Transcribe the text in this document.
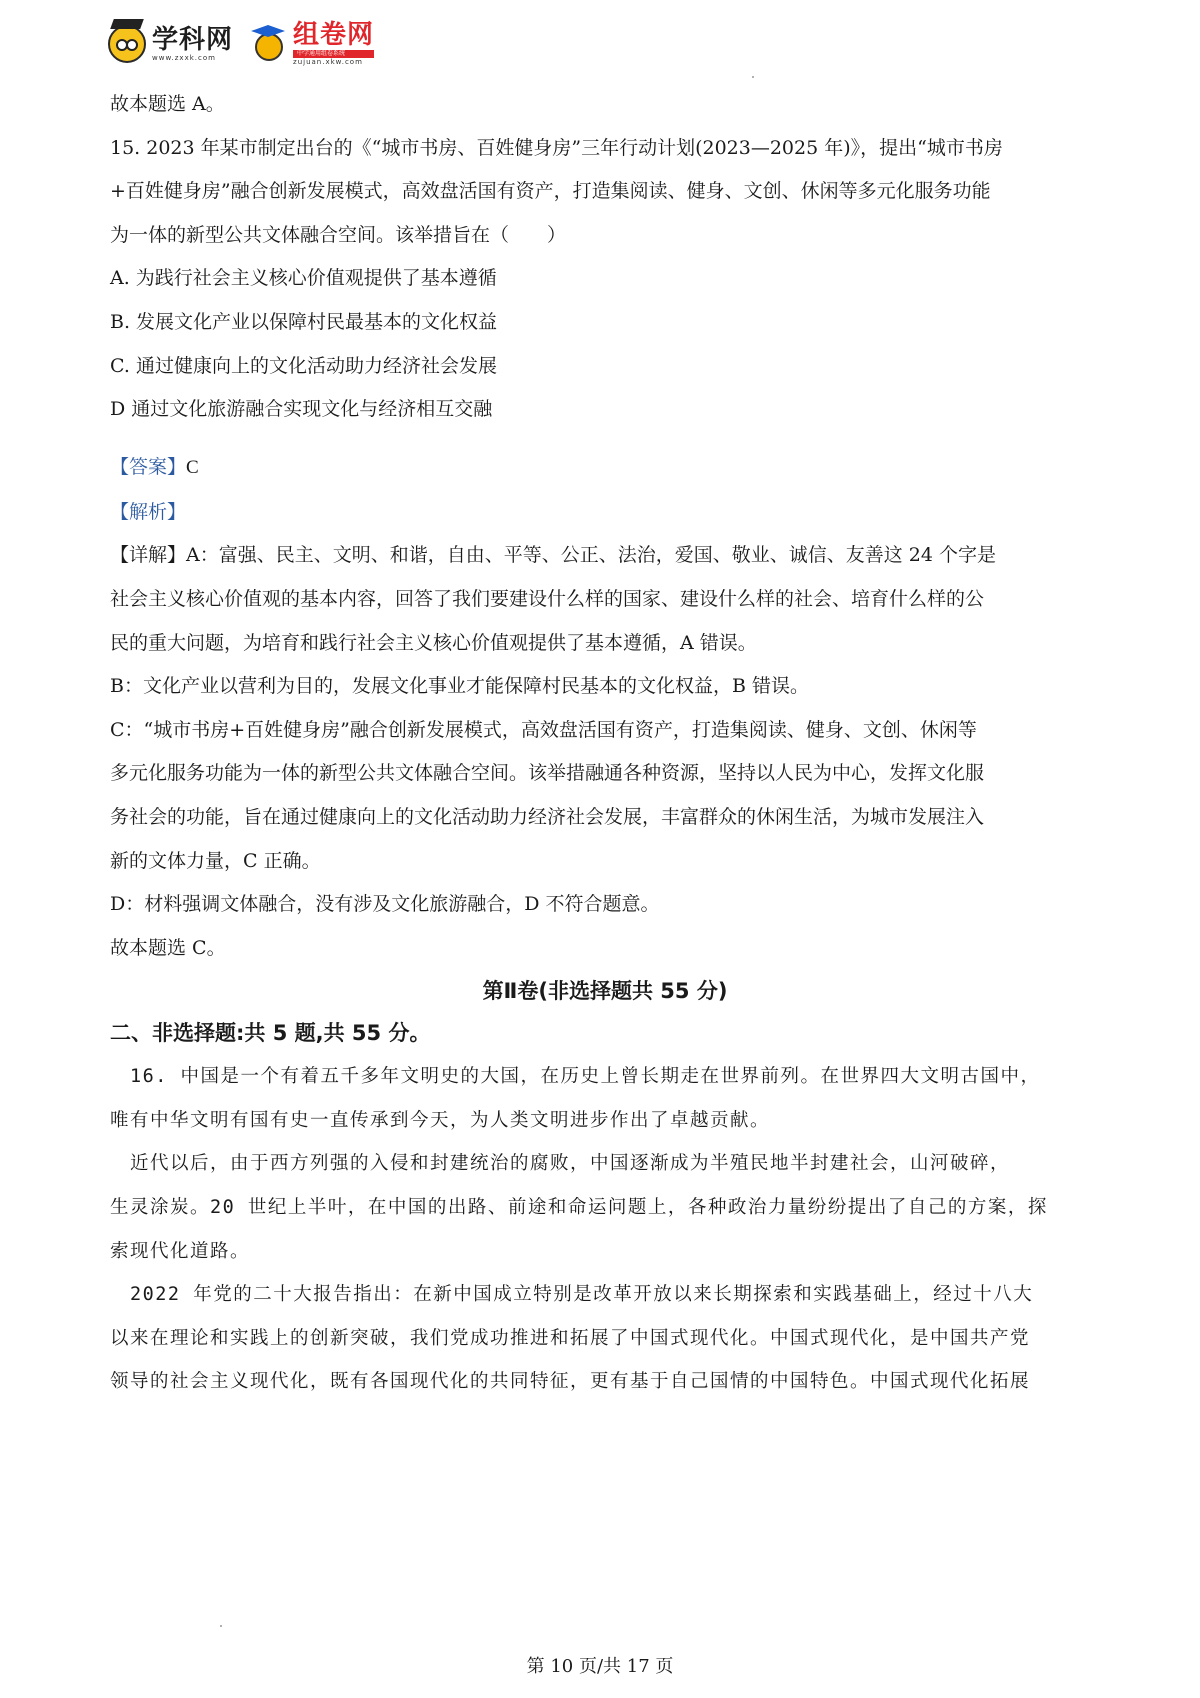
学科网
www.zxxk.com
组卷网
中学通用组卷系统
zujuan.xkw.com
故本题选 A。
15. 2023 年某市制定出台的《“城市书房、百姓健身房”三年行动计划(2023—2025 年)》，提出“城市书房
+百姓健身房”融合创新发展模式，高效盘活国有资产，打造集阅读、健身、文创、休闲等多元化服务功能
为一体的新型公共文体融合空间。该举措旨在（　　）
A. 为践行社会主义核心价值观提供了基本遵循
B. 发展文化产业以保障村民最基本的文化权益
C. 通过健康向上的文化活动助力经济社会发展
D 通过文化旅游融合实现文化与经济相互交融
【答案】C
【解析】
【详解】A：富强、民主、文明、和谐，自由、平等、公正、法治，爱国、敬业、诚信、友善这 24 个字是
社会主义核心价值观的基本内容，回答了我们要建设什么样的国家、建设什么样的社会、培育什么样的公
民的重大问题，为培育和践行社会主义核心价值观提供了基本遵循，A 错误。
B：文化产业以营利为目的，发展文化事业才能保障村民基本的文化权益，B 错误。
C：“城市书房+百姓健身房”融合创新发展模式，高效盘活国有资产，打造集阅读、健身、文创、休闲等
多元化服务功能为一体的新型公共文体融合空间。该举措融通各种资源，坚持以人民为中心，发挥文化服
务社会的功能，旨在通过健康向上的文化活动助力经济社会发展，丰富群众的休闲生活，为城市发展注入
新的文体力量，C 正确。
D：材料强调文体融合，没有涉及文化旅游融合，D 不符合题意。
故本题选 C。
第Ⅱ卷(非选择题共 55 分)
二、非选择题:共 5 题,共 55 分。
　16. 中国是一个有着五千多年文明史的大国，在历史上曾长期走在世界前列。在世界四大文明古国中，
唯有中华文明有国有史一直传承到今天，为人类文明进步作出了卓越贡献。
　近代以后，由于西方列强的入侵和封建统治的腐败，中国逐渐成为半殖民地半封建社会，山河破碎，
生灵涂炭。20 世纪上半叶，在中国的出路、前途和命运问题上，各种政治力量纷纷提出了自己的方案，探
索现代化道路。
　2022 年党的二十大报告指出：在新中国成立特别是改革开放以来长期探索和实践基础上，经过十八大
以来在理论和实践上的创新突破，我们党成功推进和拓展了中国式现代化。中国式现代化，是中国共产党
领导的社会主义现代化，既有各国现代化的共同特征，更有基于自己国情的中国特色。中国式现代化拓展
第 10 页/共 17 页
